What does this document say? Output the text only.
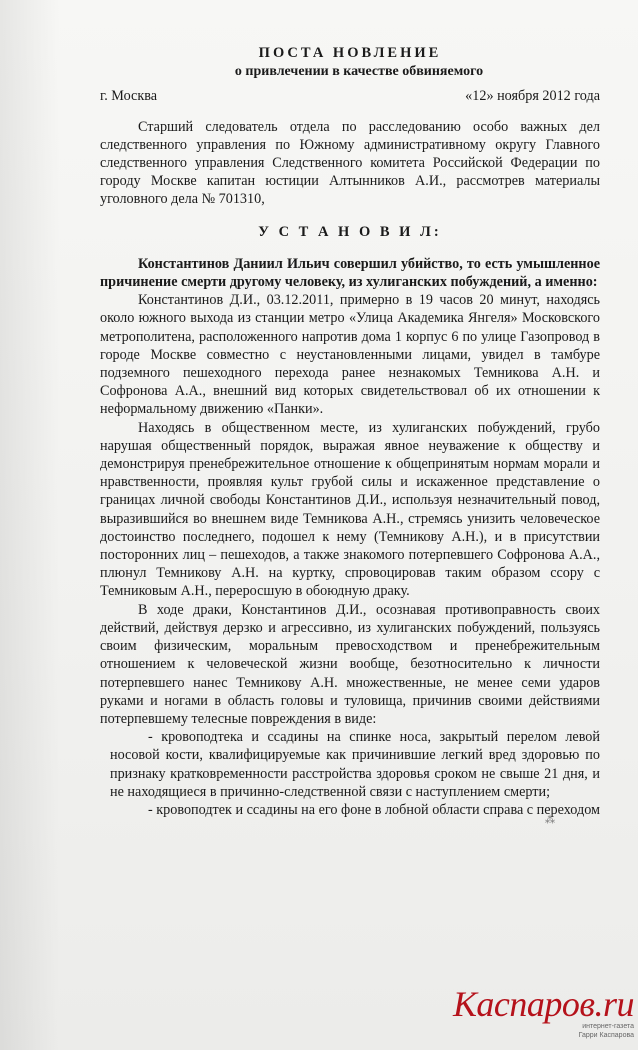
ПОСТА НОВЛЕНИЕ
о привлечении в качестве обвиняемого
г. Москва	«12» ноября 2012 года

Старший следователь отдела по расследованию особо важных дел следственного управления по Южному административному округу Главного следственного управления Следственного комитета Российской Федерации по городу Москве капитан юстиции Алтынников А.И., рассмотрев материалы уголовного дела № 701310,

У С Т А Н О В И Л:

Константинов Даниил Ильич совершил убийство, то есть умышленное причинение смерти другому человеку, из хулиганских побуждений, а именно:

Константинов Д.И., 03.12.2011, примерно в 19 часов 20 минут, находясь около южного выхода из станции метро «Улица Академика Янгеля» Московского метрополитена, расположенного напротив дома 1 корпус 6 по улице Газопровод в городе Москве совместно с неустановленными лицами, увидел в тамбуре подземного пешеходного перехода ранее незнакомых Темникова А.Н. и Софронова А.А., внешний вид которых свидетельствовал об их отношении к неформальному движению «Панки».

Находясь в общественном месте, из хулиганских побуждений, грубо нарушая общественный порядок, выражая явное неуважение к обществу и демонстрируя пренебрежительное отношение к общепринятым нормам морали и нравственности, проявляя культ грубой силы и искаженное представление о границах личной свободы Константинов Д.И., используя незначительный повод, выразившийся во внешнем виде Темникова А.Н., стремясь унизить человеческое достоинство последнего, подошел к нему (Темникову А.Н.), и в присутствии посторонних лиц – пешеходов, а также знакомого потерпевшего Софронова А.А., плюнул Темникову А.Н. на куртку, спровоцировав таким образом ссору с Темниковым А.Н., переросшую в обоюдную драку.

В ходе драки, Константинов Д.И., осознавая противоправность своих действий, действуя дерзко и агрессивно, из хулиганских побуждений, пользуясь своим физическим, моральным превосходством и пренебрежительным отношением к человеческой жизни вообще, безотносительно к личности потерпевшего нанес Темникову А.Н. множественные, не менее семи ударов руками и ногами в область головы и туловища, причинив своими действиями потерпевшему телесные повреждения в виде:

- кровоподтека и ссадины на спинке носа, закрытый перелом левой носовой кости, квалифицируемые как причинившие легкий вред здоровью по признаку кратковременности расстройства здоровья сроком не свыше 21 дня, и не находящиеся в причинно-следственной связи с наступлением смерти;

- кровоподтек и ссадины на его фоне в лобной области справа с переходом

⁂
Каспаров.ru
интернет-газета
Гарри Каспарова
